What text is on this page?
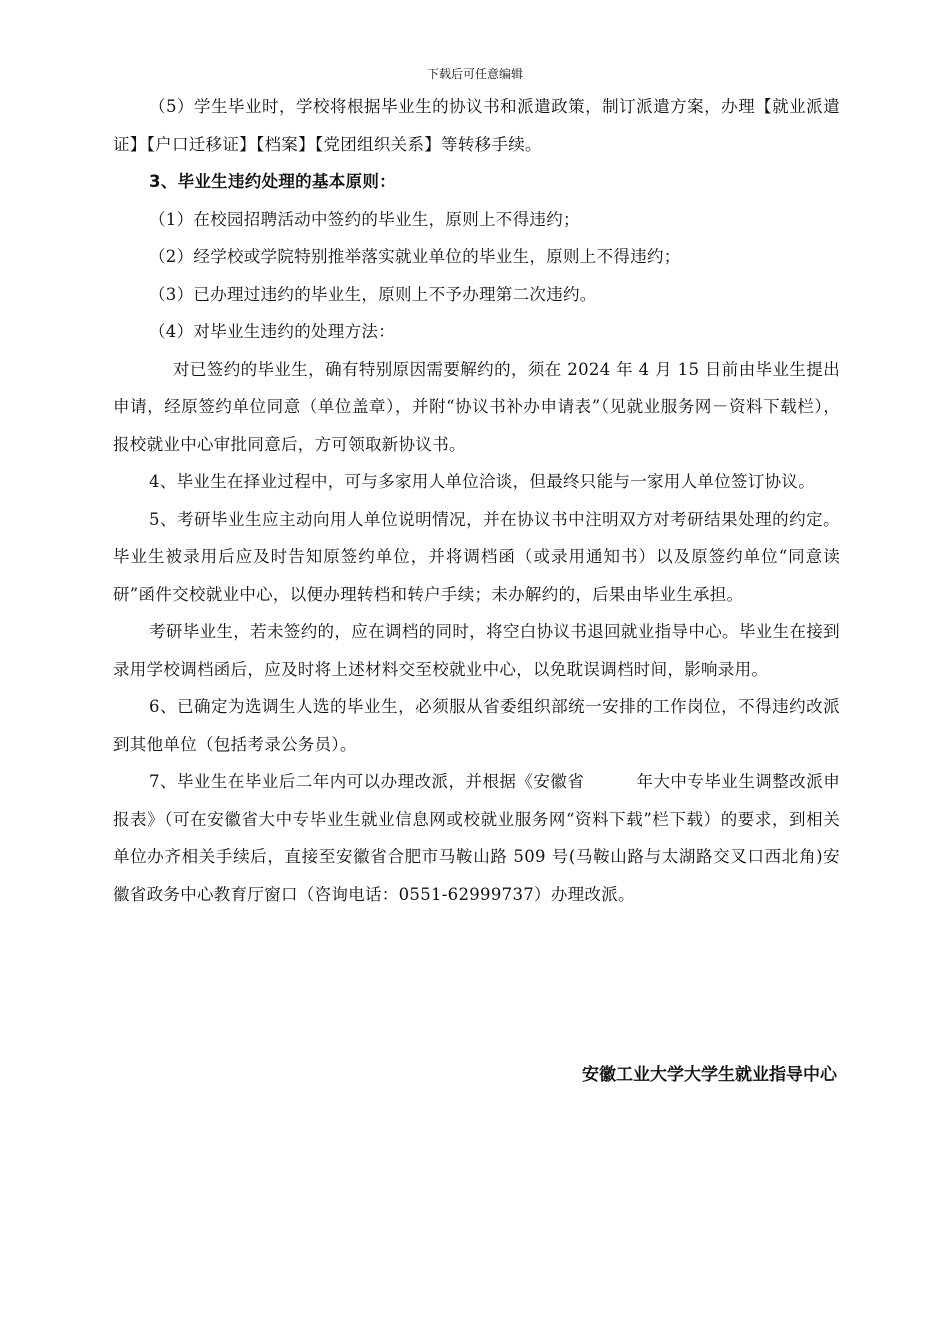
下载后可任意编辑

（5）学生毕业时，学校将根据毕业生的协议书和派遣政策，制订派遣方案，办理【就业派遣证】【户口迁移证】【档案】【党团组织关系】等转移手续。

3、毕业生违约处理的基本原则：

（1）在校园招聘活动中签约的毕业生，原则上不得违约；

（2）经学校或学院特别推举落实就业单位的毕业生，原则上不得违约；

（3）已办理过违约的毕业生，原则上不予办理第二次违约。

（4）对毕业生违约的处理方法：

对已签约的毕业生，确有特别原因需要解约的，须在 2024 年 4 月 15 日前由毕业生提出申请，经原签约单位同意（单位盖章），并附“协议书补办申请表”（见就业服务网－资料下载栏），报校就业中心审批同意后，方可领取新协议书。

4、毕业生在择业过程中，可与多家用人单位洽谈，但最终只能与一家用人单位签订协议。

5、考研毕业生应主动向用人单位说明情况，并在协议书中注明双方对考研结果处理的约定。毕业生被录用后应及时告知原签约单位，并将调档函（或录用通知书）以及原签约单位“同意读研”函件交校就业中心，以便办理转档和转户手续；未办解约的，后果由毕业生承担。

考研毕业生，若未签约的，应在调档的同时，将空白协议书退回就业指导中心。毕业生在接到录用学校调档函后，应及时将上述材料交至校就业中心，以免耽误调档时间，影响录用。

6、已确定为选调生人选的毕业生，必须服从省委组织部统一安排的工作岗位，不得违约改派到其他单位（包括考录公务员）。

7、毕业生在毕业后二年内可以办理改派，并根据《安徽省	年大中专毕业生调整改派申报表》（可在安徽省大中专毕业生就业信息网或校就业服务网“资料下载”栏下载）的要求，到相关单位办齐相关手续后，直接至安徽省合肥市马鞍山路 509 号(马鞍山路与太湖路交叉口西北角)安徽省政务中心教育厅窗口（咨询电话：0551-62999737）办理改派。

安徽工业大学大学生就业指导中心
